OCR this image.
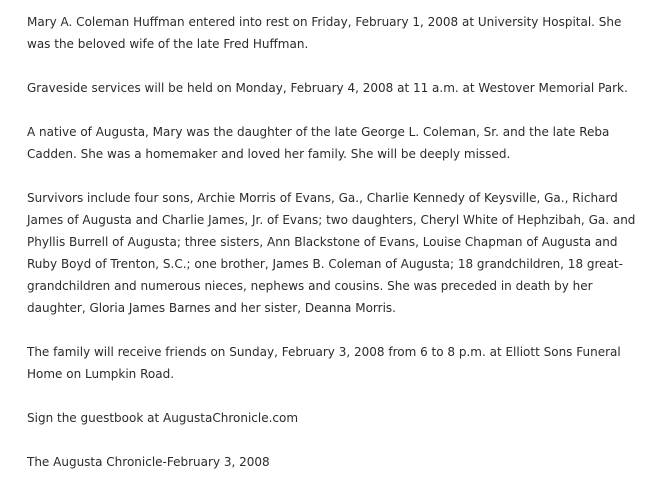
Mary A. Coleman Huffman entered into rest on Friday, February 1, 2008 at University Hospital. She
was the beloved wife of the late Fred Huffman.

Graveside services will be held on Monday, February 4, 2008 at 11 a.m. at Westover Memorial Park.

A native of Augusta, Mary was the daughter of the late George L. Coleman, Sr. and the late Reba
Cadden. She was a homemaker and loved her family. She will be deeply missed.

Survivors include four sons, Archie Morris of Evans, Ga., Charlie Kennedy of Keysville, Ga., Richard
James of Augusta and Charlie James, Jr. of Evans; two daughters, Cheryl White of Hephzibah, Ga. and
Phyllis Burrell of Augusta; three sisters, Ann Blackstone of Evans, Louise Chapman of Augusta and
Ruby Boyd of Trenton, S.C.; one brother, James B. Coleman of Augusta; 18 grandchildren, 18 great-
grandchildren and numerous nieces, nephews and cousins. She was preceded in death by her
daughter, Gloria James Barnes and her sister, Deanna Morris.

The family will receive friends on Sunday, February 3, 2008 from 6 to 8 p.m. at Elliott Sons Funeral
Home on Lumpkin Road.

Sign the guestbook at AugustaChronicle.com

The Augusta Chronicle-February 3, 2008
